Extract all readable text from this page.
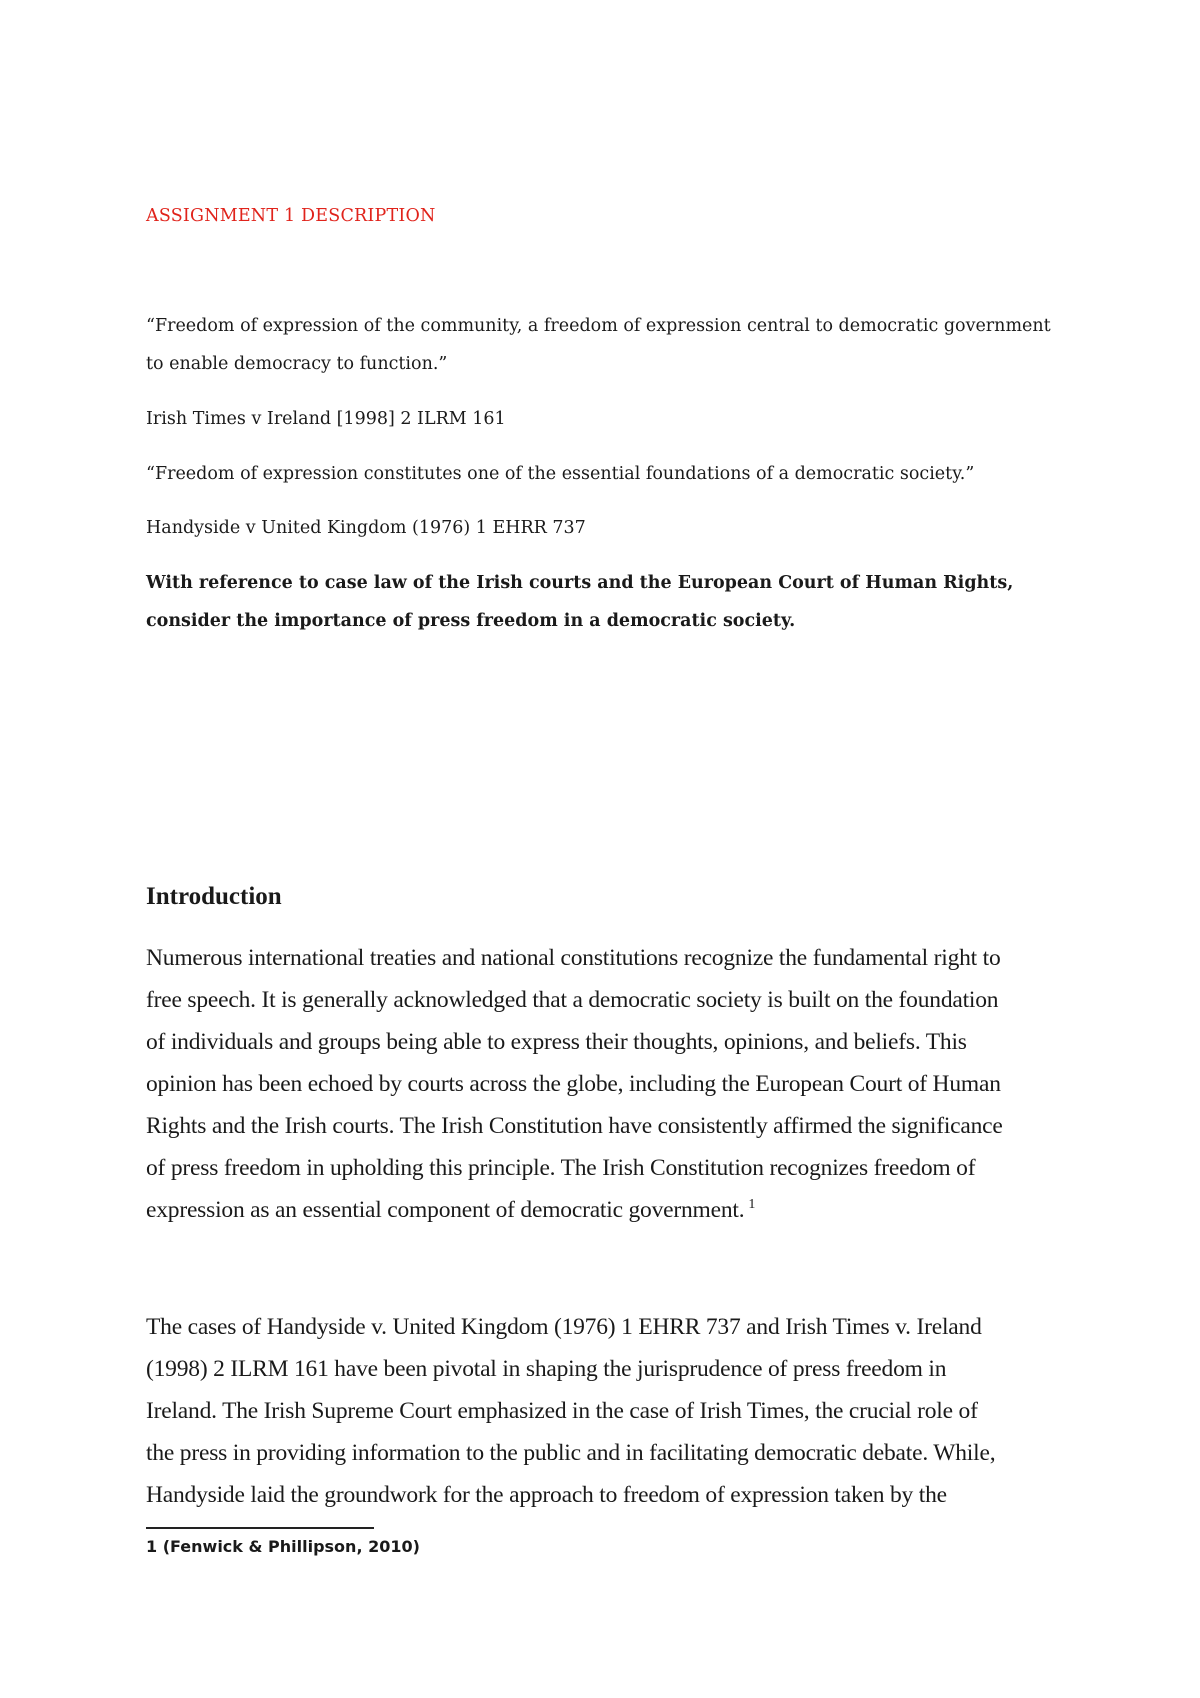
ASSIGNMENT 1 DESCRIPTION
“Freedom of expression of the community, a freedom of expression central to democratic government
to enable democracy to function.”
Irish Times v Ireland [1998] 2 ILRM 161
“Freedom of expression constitutes one of the essential foundations of a democratic society.”
Handyside v United Kingdom (1976) 1 EHRR 737
With reference to case law of the Irish courts and the European Court of Human Rights,
consider the importance of press freedom in a democratic society.
Introduction
Numerous international treaties and national constitutions recognize the fundamental right to
free speech. It is generally acknowledged that a democratic society is built on the foundation
of individuals and groups being able to express their thoughts, opinions, and beliefs. This
opinion has been echoed by courts across the globe, including the European Court of Human
Rights and the Irish courts. The Irish Constitution have consistently affirmed the significance
of press freedom in upholding this principle. The Irish Constitution recognizes freedom of
expression as an essential component of democratic government. $^1$
The cases of Handyside v. United Kingdom (1976) 1 EHRR 737 and Irish Times v. Ireland
(1998) 2 ILRM 161 have been pivotal in shaping the jurisprudence of press freedom in
Ireland. The Irish Supreme Court emphasized in the case of Irish Times, the crucial role of
the press in providing information to the public and in facilitating democratic debate. While,
Handyside laid the groundwork for the approach to freedom of expression taken by the
1 (Fenwick & Phillipson, 2010)
